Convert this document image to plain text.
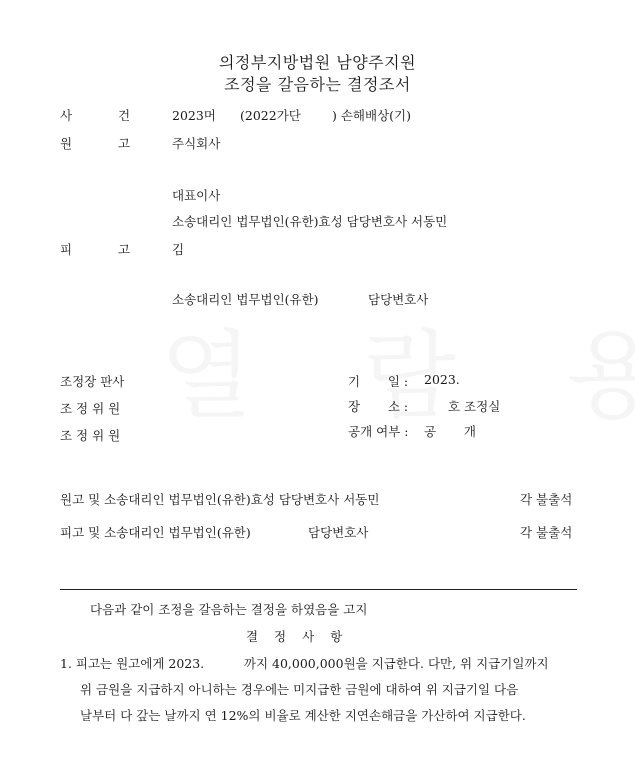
의정부지방법원 남양주지원
조정을 갈음하는 결정조서
사	건	2023머 (2022가단 ) 손해배상(기)
원	고	주식회사
대표이사
소송대리인 법무법인(유한)효성 담당변호사 서동민
피	고	김
소송대리인 법무법인(유한)	담당변호사
조정장 판사
조 정 위 원
조 정 위 원
기       일 : 2023.
장       소 :	호 조정실
공개 여부 : 공       개
원고 및 소송대리인 법무법인(유한)효성 담당변호사 서동민	각 불출석
피고 및 소송대리인 법무법인(유한)	담당변호사	각 불출석
다음과 같이 조정을 갈음하는 결정을 하였음을 고지
결 정 사 항
1. 피고는 원고에게 2023.          까지 40,000,000원을 지급한다. 다만, 위 지급기일까지
위 금원을 지급하지 아니하는 경우에는 미지급한 금원에 대하여 위 지급기일 다음
날부터 다 갚는 날까지 연 12%의 비율로 계산한 지연손해금을 가산하여 지급한다.
